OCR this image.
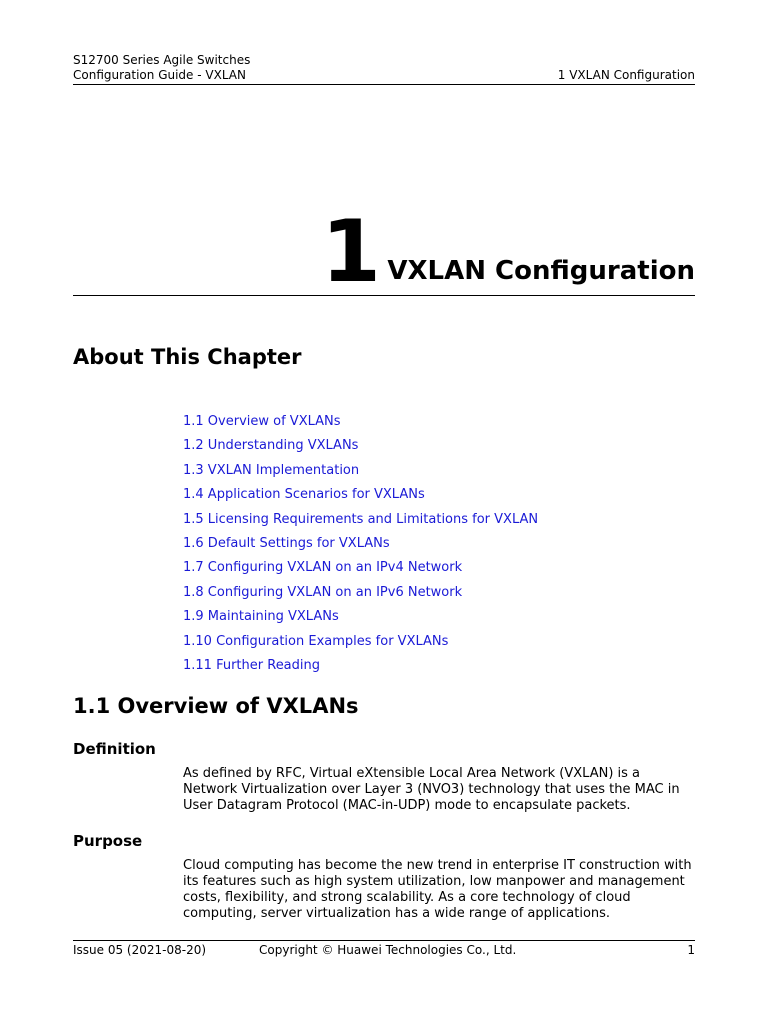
S12700 Series Agile Switches
Configuration Guide - VXLAN	1 VXLAN Configuration
1 VXLAN Configuration
About This Chapter
1.1 Overview of VXLANs
1.2 Understanding VXLANs
1.3 VXLAN Implementation
1.4 Application Scenarios for VXLANs
1.5 Licensing Requirements and Limitations for VXLAN
1.6 Default Settings for VXLANs
1.7 Configuring VXLAN on an IPv4 Network
1.8 Configuring VXLAN on an IPv6 Network
1.9 Maintaining VXLANs
1.10 Configuration Examples for VXLANs
1.11 Further Reading
1.1 Overview of VXLANs
Definition

As defined by RFC, Virtual eXtensible Local Area Network (VXLAN) is a Network Virtualization over Layer 3 (NVO3) technology that uses the MAC in User Datagram Protocol (MAC-in-UDP) mode to encapsulate packets.

Purpose

Cloud computing has become the new trend in enterprise IT construction with its features such as high system utilization, low manpower and management costs, flexibility, and strong scalability. As a core technology of cloud computing, server virtualization has a wide range of applications.

Issue 05 (2021-08-20)	Copyright © Huawei Technologies Co., Ltd.	1
